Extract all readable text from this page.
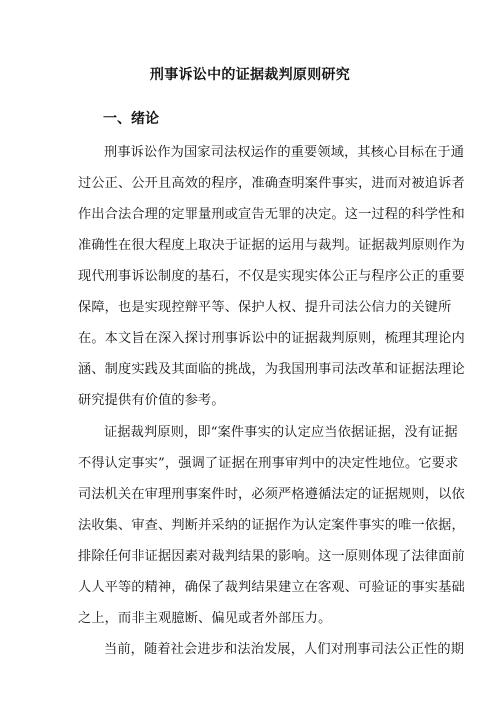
刑事诉讼中的证据裁判原则研究
一、绪论
刑事诉讼作为国家司法权运作的重要领域，其核心目标在于通
过公正、公开且高效的程序，准确查明案件事实，进而对被追诉者
作出合法合理的定罪量刑或宣告无罪的决定。这一过程的科学性和
准确性在很大程度上取决于证据的运用与裁判。证据裁判原则作为
现代刑事诉讼制度的基石，不仅是实现实体公正与程序公正的重要
保障，也是实现控辩平等、保护人权、提升司法公信力的关键所
在。本文旨在深入探讨刑事诉讼中的证据裁判原则，梳理其理论内
涵、制度实践及其面临的挑战，为我国刑事司法改革和证据法理论
研究提供有价值的参考。
证据裁判原则，即“案件事实的认定应当依据证据，没有证据
不得认定事实”，强调了证据在刑事审判中的决定性地位。它要求
司法机关在审理刑事案件时，必须严格遵循法定的证据规则，以依
法收集、审查、判断并采纳的证据作为认定案件事实的唯一依据，
排除任何非证据因素对裁判结果的影响。这一原则体现了法律面前
人人平等的精神，确保了裁判结果建立在客观、可验证的事实基础
之上，而非主观臆断、偏见或者外部压力。
当前，随着社会进步和法治发展，人们对刑事司法公正性的期
